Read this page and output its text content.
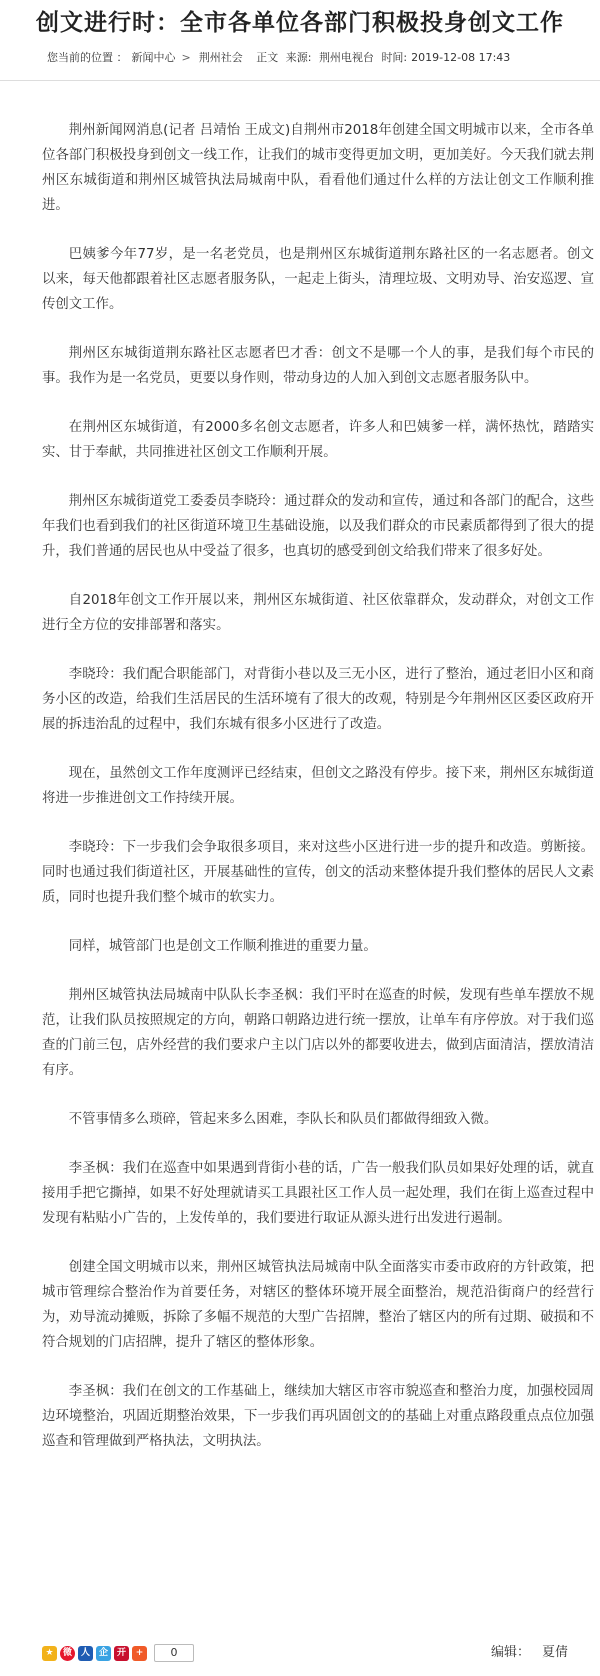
创文进行时：全市各单位各部门积极投身创文工作
您当前的位置 ： 新闻中心 > 荆州社会 正文 来源: 荆州电视台 时间: 2019-12-08 17:43

荆州新闻网消息(记者 吕靖怡 王成文)自荆州市2018年创建全国文明城市以来，全市各单位各部门积极投身到创文一线工作，让我们的城市变得更加文明，更加美好。今天我们就去荆州区东城街道和荆州区城管执法局城南中队，看看他们通过什么样的方法让创文工作顺利推进。

巴姨爹今年77岁，是一名老党员，也是荆州区东城街道荆东路社区的一名志愿者。创文以来，每天他都跟着社区志愿者服务队，一起走上街头，清理垃圾、文明劝导、治安巡逻、宣传创文工作。

荆州区东城街道荆东路社区志愿者巴才香：创文不是哪一个人的事，是我们每个市民的事。我作为是一名党员，更要以身作则，带动身边的人加入到创文志愿者服务队中。

在荆州区东城街道，有2000多名创文志愿者，许多人和巴姨爹一样，满怀热忱，踏踏实实、甘于奉献，共同推进社区创文工作顺利开展。

荆州区东城街道党工委委员李晓玲：通过群众的发动和宣传，通过和各部门的配合，这些年我们也看到我们的社区街道环境卫生基础设施，以及我们群众的市民素质都得到了很大的提升，我们普通的居民也从中受益了很多，也真切的感受到创文给我们带来了很多好处。

自2018年创文工作开展以来，荆州区东城街道、社区依靠群众，发动群众，对创文工作进行全方位的安排部署和落实。

李晓玲：我们配合职能部门，对背街小巷以及三无小区，进行了整治，通过老旧小区和商务小区的改造，给我们生活居民的生活环境有了很大的改观，特别是今年荆州区区委区政府开展的拆违治乱的过程中，我们东城有很多小区进行了改造。

现在，虽然创文工作年度测评已经结束，但创文之路没有停步。接下来，荆州区东城街道将进一步推进创文工作持续开展。

李晓玲：下一步我们会争取很多项目，来对这些小区进行进一步的提升和改造。剪断接。同时也通过我们街道社区，开展基础性的宣传，创文的活动来整体提升我们整体的居民人文素质，同时也提升我们整个城市的软实力。

同样，城管部门也是创文工作顺利推进的重要力量。

荆州区城管执法局城南中队队长李圣枫：我们平时在巡查的时候，发现有些单车摆放不规范，让我们队员按照规定的方向，朝路口朝路边进行统一摆放，让单车有序停放。对于我们巡查的门前三包，店外经营的我们要求户主以门店以外的都要收进去，做到店面清洁，摆放清洁有序。

不管事情多么琐碎，管起来多么困难，李队长和队员们都做得细致入微。

李圣枫：我们在巡查中如果遇到背街小巷的话，广告一般我们队员如果好处理的话，就直接用手把它撕掉，如果不好处理就请买工具跟社区工作人员一起处理，我们在街上巡查过程中发现有粘贴小广告的，上发传单的，我们要进行取证从源头进行出发进行遏制。

创建全国文明城市以来，荆州区城管执法局城南中队全面落实市委市政府的方针政策，把城市管理综合整治作为首要任务，对辖区的整体环境开展全面整治，规范沿街商户的经营行为，劝导流动摊贩，拆除了多幅不规范的大型广告招牌，整治了辖区内的所有过期、破损和不符合规划的门店招牌，提升了辖区的整体形象。

李圣枫：我们在创文的工作基础上，继续加大辖区市容市貌巡查和整治力度，加强校园周边环境整治，巩固近期整治效果，下一步我们再巩固创文的的基础上对重点路段重点点位加强巡查和管理做到严格执法，文明执法。

★	微 人 企 开	+	0	编辑： 夏倩
